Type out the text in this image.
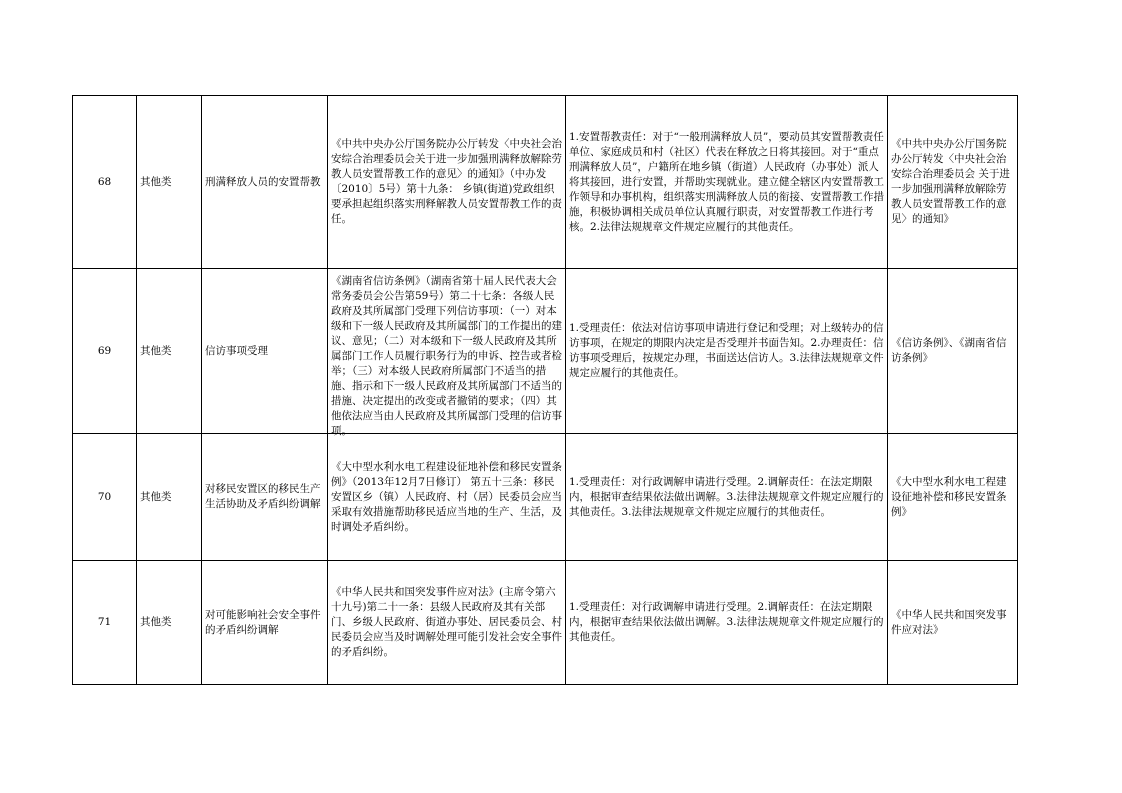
68	其他类	刑满释放人员的安置帮教	《中共中央办公厅国务院办公厅转发〈中央社会治安综合治理委员会关于进一步加强刑满释放解除劳教人员安置帮教工作的意见〉的通知》（中办发〔2010〕5号）第十九条： 乡镇(街道)党政组织要承担起组织落实刑释解教人员安置帮教工作的责任。	1.安置帮教责任：对于“一般刑满释放人员”，要动员其安置帮教责任单位、家庭成员和村（社区）代表在释放之日将其接回。对于“重点刑满释放人员”，户籍所在地乡镇（街道）人民政府（办事处）派人将其接回，进行安置，并帮助实现就业。建立健全辖区内安置帮教工作领导和办事机构，组织落实刑满释放人员的衔接、安置帮教工作措施，积极协调相关成员单位认真履行职责，对安置帮教工作进行考核。2.法律法规规章文件规定应履行的其他责任。	《中共中央办公厅国务院办公厅转发〈中央社会治安综合治理委员会 关于进一步加强刑满释放解除劳教人员安置帮教工作的意见〉的通知》
69	其他类	信访事项受理	《湖南省信访条例》（湖南省第十届人民代表大会常务委员会公告第59号）第二十七条：各级人民政府及其所属部门受理下列信访事项：（一）对本级和下一级人民政府及其所属部门的工作提出的建议、意见；（二）对本级和下一级人民政府及其所属部门工作人员履行职务行为的申诉、控告或者检举；（三）对本级人民政府所属部门不适当的措施、指示和下一级人民政府及其所属部门不适当的措施、决定提出的改变或者撤销的要求；（四）其他依法应当由人民政府及其所属部门受理的信访事项。	1.受理责任：依法对信访事项申请进行登记和受理；对上级转办的信访事项，在规定的期限内决定是否受理并书面告知。2.办理责任：信访事项受理后，按规定办理，书面送达信访人。3.法律法规规章文件规定应履行的其他责任。	《信访条例》、《湖南省信访条例》
70	其他类	对移民安置区的移民生产生活协助及矛盾纠纷调解	《大中型水利水电工程建设征地补偿和移民安置条例》（2013年12月7日修订） 第五十三条：移民安置区乡（镇）人民政府、村（居）民委员会应当采取有效措施帮助移民适应当地的生产、生活，及时调处矛盾纠纷。	1.受理责任：对行政调解申请进行受理。2.调解责任：在法定期限内，根据审查结果依法做出调解。3.法律法规规章文件规定应履行的其他责任。3.法律法规规章文件规定应履行的其他责任。	《大中型水利水电工程建设征地补偿和移民安置条例》
71	其他类	对可能影响社会安全事件的矛盾纠纷调解	《中华人民共和国突发事件应对法》(主席令第六十九号)第二十一条：县级人民政府及其有关部门、乡级人民政府、街道办事处、居民委员会、村民委员会应当及时调解处理可能引发社会安全事件的矛盾纠纷。	1.受理责任：对行政调解申请进行受理。2.调解责任：在法定期限内，根据审查结果依法做出调解。3.法律法规规章文件规定应履行的其他责任。	《中华人民共和国突发事件应对法》
